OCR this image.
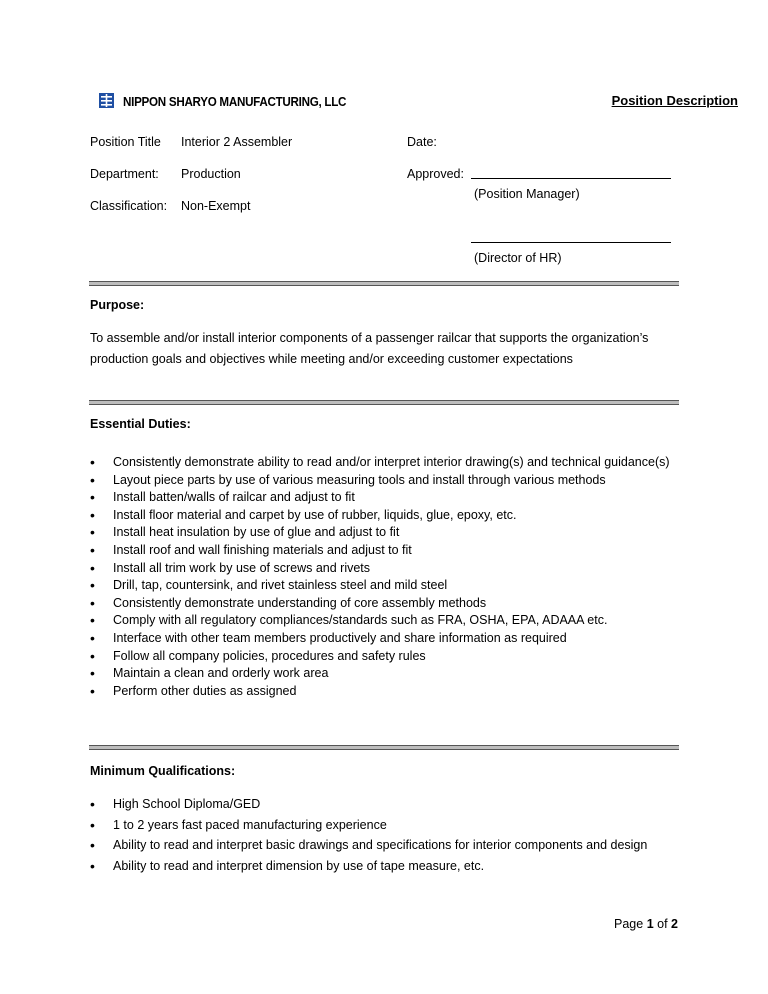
NIPPON SHARYO MANUFACTURING, LLC	Position Description
Position Title Interior 2 Assembler	Date:
Department: Production	Approved:
(Position Manager)
Classification: Non-Exempt
(Director of HR)
Purpose:
To assemble and/or install interior components of a passenger railcar that supports the organization’s
production goals and objectives while meeting and/or exceeding customer expectations
Essential Duties:
• Consistently demonstrate ability to read and/or interpret interior drawing(s) and technical guidance(s)
• Layout piece parts by use of various measuring tools and install through various methods
• Install batten/walls of railcar and adjust to fit
• Install floor material and carpet by use of rubber, liquids, glue, epoxy, etc.
• Install heat insulation by use of glue and adjust to fit
• Install roof and wall finishing materials and adjust to fit
• Install all trim work by use of screws and rivets
• Drill, tap, countersink, and rivet stainless steel and mild steel
• Consistently demonstrate understanding of core assembly methods
• Comply with all regulatory compliances/standards such as FRA, OSHA, EPA, ADAAA etc.
• Interface with other team members productively and share information as required
• Follow all company policies, procedures and safety rules
• Maintain a clean and orderly work area
• Perform other duties as assigned
Minimum Qualifications:
• High School Diploma/GED
• 1 to 2 years fast paced manufacturing experience
• Ability to read and interpret basic drawings and specifications for interior components and design
• Ability to read and interpret dimension by use of tape measure, etc.
Page 1 of 2
